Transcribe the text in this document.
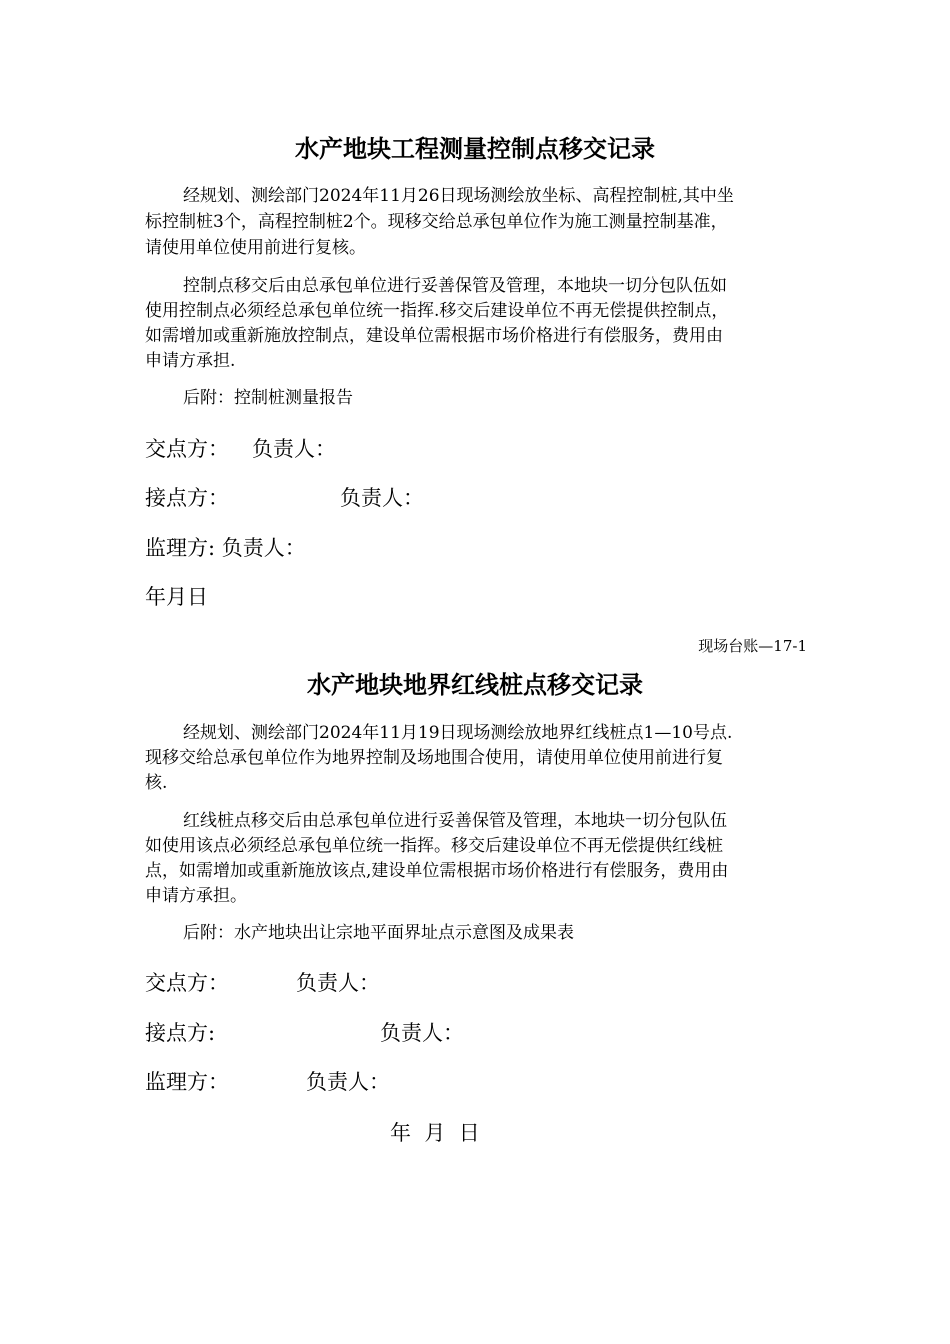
水产地块工程测量控制点移交记录
经规划、测绘部门2024年11月26日现场测绘放坐标、高程控制桩,其中坐
标控制桩3个，高程控制桩2个。现移交给总承包单位作为施工测量控制基准，
请使用单位使用前进行复核。
控制点移交后由总承包单位进行妥善保管及管理，本地块一切分包队伍如
使用控制点必须经总承包单位统一指挥.移交后建设单位不再无偿提供控制点，
如需增加或重新施放控制点，建设单位需根据市场价格进行有偿服务，费用由
申请方承担.
后附：控制桩测量报告
交点方： 负责人：
接点方：	负责人：
监理方: 负责人：
年月日
现场台账—17-1
水产地块地界红线桩点移交记录
经规划、测绘部门2024年11月19日现场测绘放地界红线桩点1—10号点.
现移交给总承包单位作为地界控制及场地围合使用，请使用单位使用前进行复
核.
红线桩点移交后由总承包单位进行妥善保管及管理，本地块一切分包队伍
如使用该点必须经总承包单位统一指挥。移交后建设单位不再无偿提供红线桩
点，如需增加或重新施放该点,建设单位需根据市场价格进行有偿服务，费用由
申请方承担。
后附：水产地块出让宗地平面界址点示意图及成果表
交点方：	负责人：
接点方:	负责人：
监理方：	负责人：
年  月  日
